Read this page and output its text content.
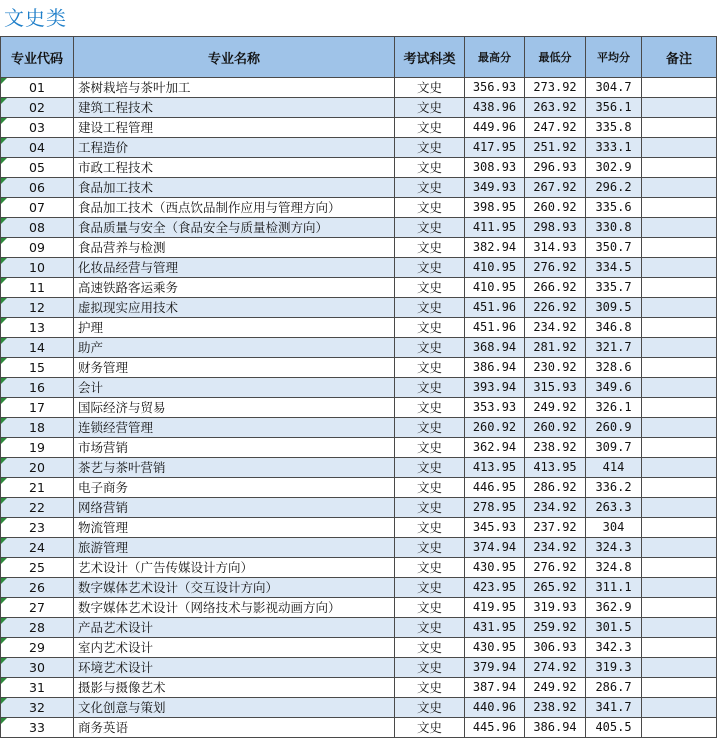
文史类
专业代码	专业名称	考试科类	最高分	最低分	平均分	备注
01	茶树栽培与茶叶加工	文史	356.93	273.92	304.7	
02	建筑工程技术	文史	438.96	263.92	356.1	
03	建设工程管理	文史	449.96	247.92	335.8	
04	工程造价	文史	417.95	251.92	333.1	
05	市政工程技术	文史	308.93	296.93	302.9	
06	食品加工技术	文史	349.93	267.92	296.2	
07	食品加工技术（西点饮品制作应用与管理方向）	文史	398.95	260.92	335.6	
08	食品质量与安全（食品安全与质量检测方向）	文史	411.95	298.93	330.8	
09	食品营养与检测	文史	382.94	314.93	350.7	
10	化妆品经营与管理	文史	410.95	276.92	334.5	
11	高速铁路客运乘务	文史	410.95	266.92	335.7	
12	虚拟现实应用技术	文史	451.96	226.92	309.5	
13	护理	文史	451.96	234.92	346.8	
14	助产	文史	368.94	281.92	321.7	
15	财务管理	文史	386.94	230.92	328.6	
16	会计	文史	393.94	315.93	349.6	
17	国际经济与贸易	文史	353.93	249.92	326.1	
18	连锁经营管理	文史	260.92	260.92	260.9	
19	市场营销	文史	362.94	238.92	309.7	
20	茶艺与茶叶营销	文史	413.95	413.95	414	
21	电子商务	文史	446.95	286.92	336.2	
22	网络营销	文史	278.95	234.92	263.3	
23	物流管理	文史	345.93	237.92	304	
24	旅游管理	文史	374.94	234.92	324.3	
25	艺术设计（广告传媒设计方向）	文史	430.95	276.92	324.8	
26	数字媒体艺术设计（交互设计方向）	文史	423.95	265.92	311.1	
27	数字媒体艺术设计（网络技术与影视动画方向）	文史	419.95	319.93	362.9	
28	产品艺术设计	文史	431.95	259.92	301.5	
29	室内艺术设计	文史	430.95	306.93	342.3	
30	环境艺术设计	文史	379.94	274.92	319.3	
31	摄影与摄像艺术	文史	387.94	249.92	286.7	
32	文化创意与策划	文史	440.96	238.92	341.7	
33	商务英语	文史	445.96	386.94	405.5	
